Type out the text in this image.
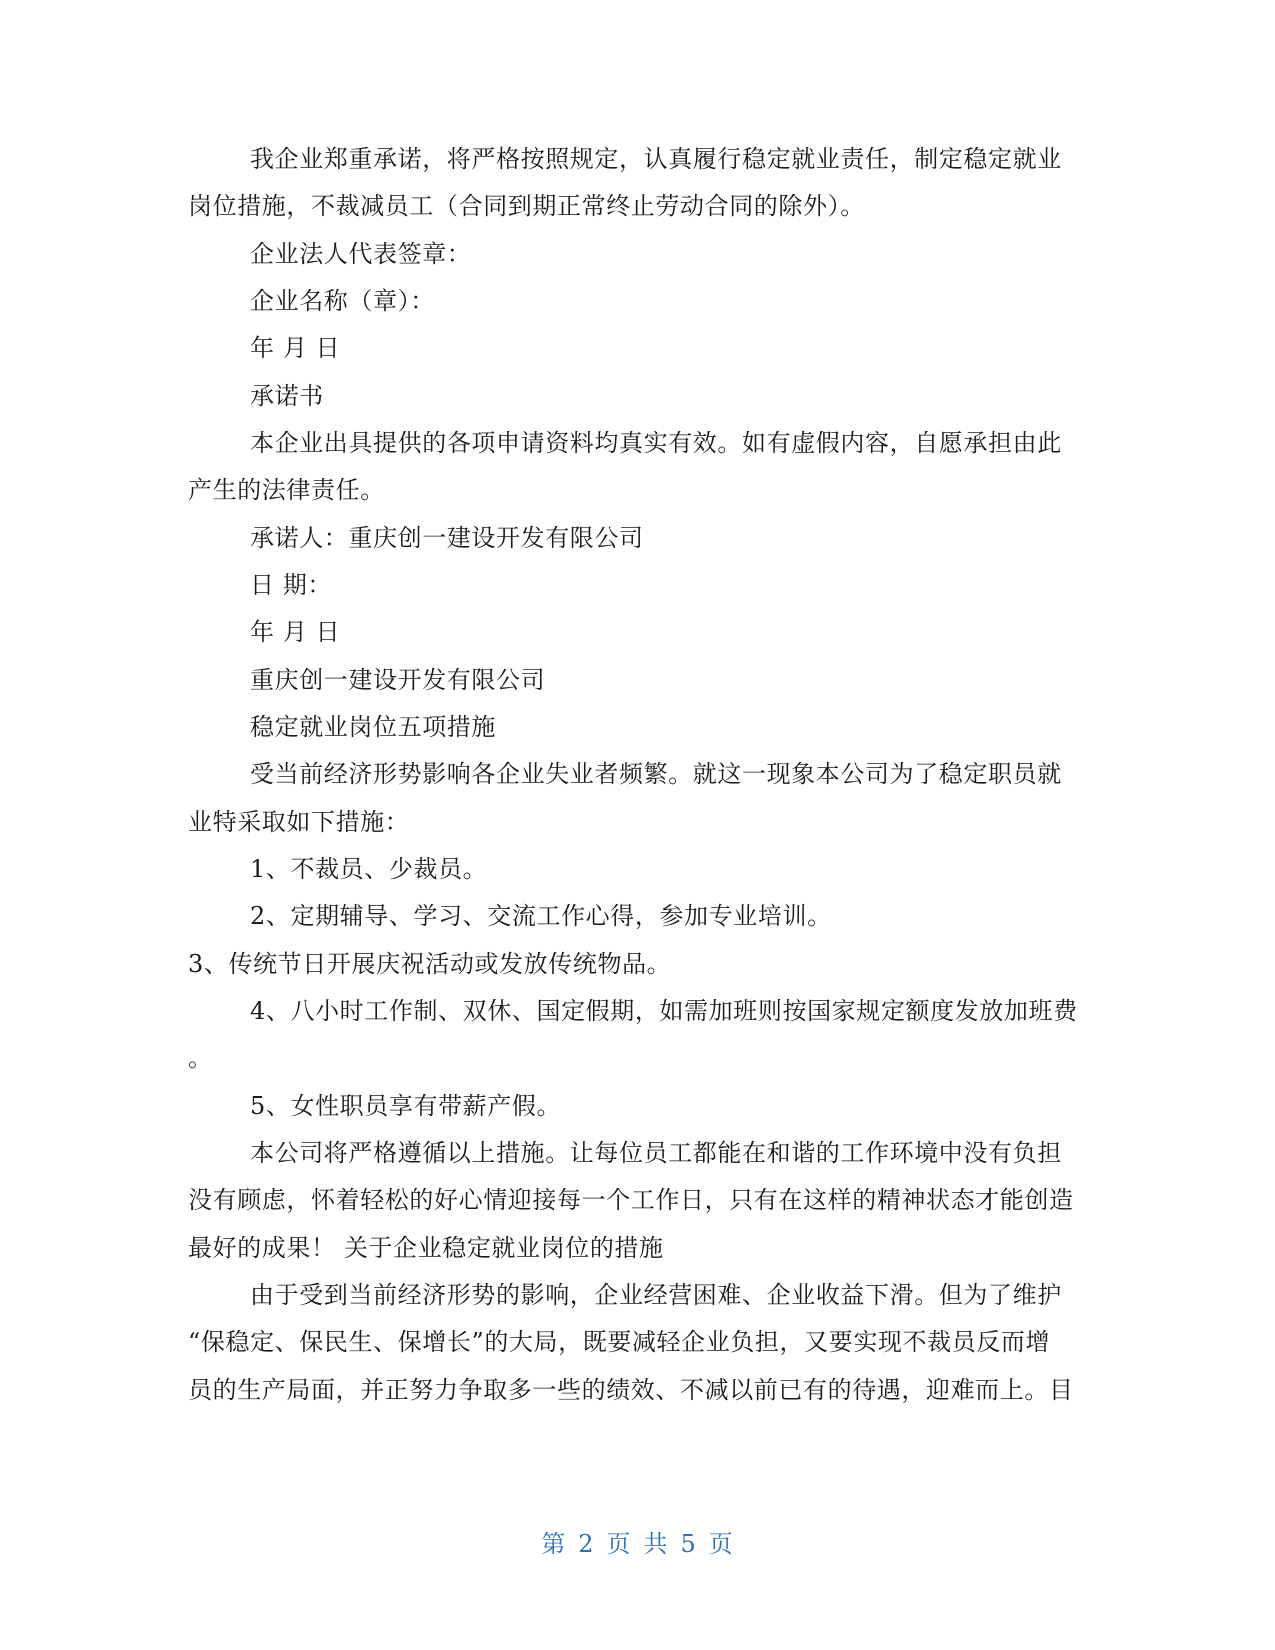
我企业郑重承诺，将严格按照规定，认真履行稳定就业责任，制定稳定就业
岗位措施，不裁减员工（合同到期正常终止劳动合同的除外）。
企业法人代表签章：
企业名称（章）：
年 月 日
承诺书
本企业出具提供的各项申请资料均真实有效。如有虚假内容，自愿承担由此
产生的法律责任。
承诺人：重庆创一建设开发有限公司
日 期：
年 月 日
重庆创一建设开发有限公司
稳定就业岗位五项措施
受当前经济形势影响各企业失业者频繁。就这一现象本公司为了稳定职员就
业特采取如下措施：
1、不裁员、少裁员。
2、定期辅导、学习、交流工作心得，参加专业培训。
3、传统节日开展庆祝活动或发放传统物品。
4、八小时工作制、双休、国定假期，如需加班则按国家规定额度发放加班费
。
5、女性职员享有带薪产假。
本公司将严格遵循以上措施。让每位员工都能在和谐的工作环境中没有负担
没有顾虑，怀着轻松的好心情迎接每一个工作日，只有在这样的精神状态才能创造
最好的成果！ 关于企业稳定就业岗位的措施
由于受到当前经济形势的影响，企业经营困难、企业收益下滑。但为了维护
“保稳定、保民生、保增长”的大局，既要减轻企业负担，又要实现不裁员反而增
员的生产局面，并正努力争取多一些的绩效、不减以前已有的待遇，迎难而上。目
第 2 页 共 5 页
